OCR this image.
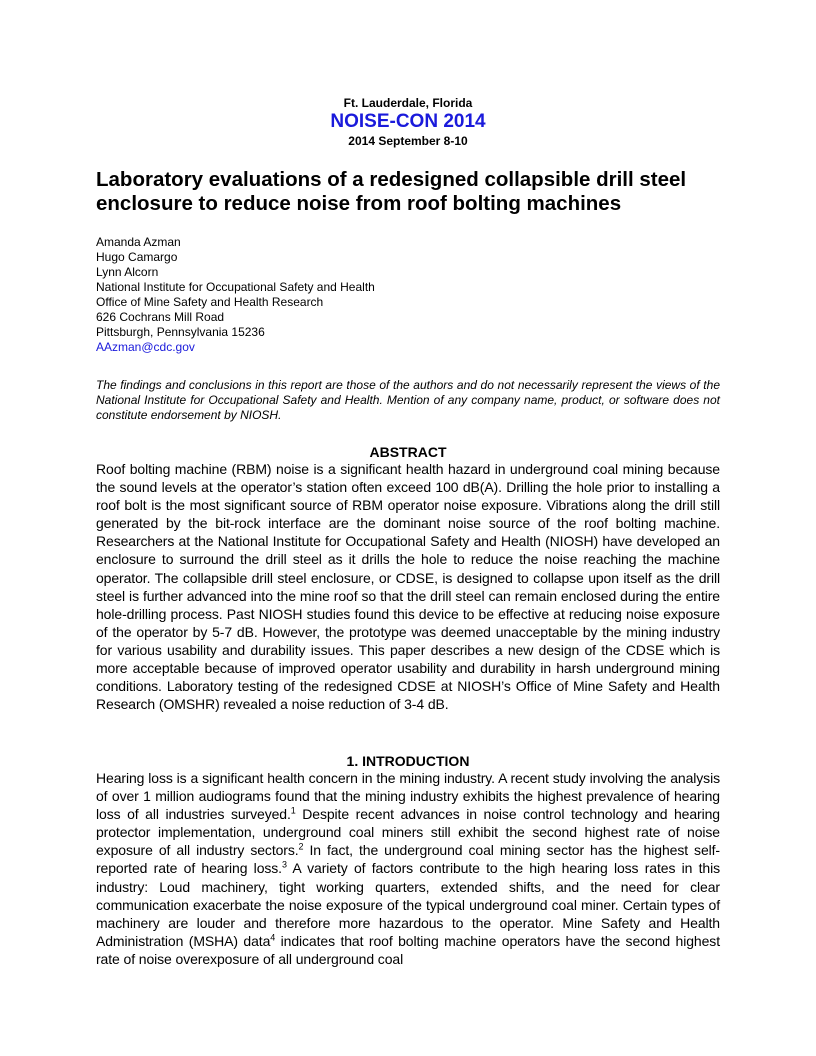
Ft. Lauderdale, Florida
NOISE-CON 2014
2014 September 8-10
Laboratory evaluations of a redesigned collapsible drill steel enclosure to reduce noise from roof bolting machines
Amanda Azman
Hugo Camargo
Lynn Alcorn
National Institute for Occupational Safety and Health
Office of Mine Safety and Health Research
626 Cochrans Mill Road
Pittsburgh, Pennsylvania 15236
AAzman@cdc.gov

The findings and conclusions in this report are those of the authors and do not necessarily represent the views of the National Institute for Occupational Safety and Health. Mention of any company name, product, or software does not constitute endorsement by NIOSH.

ABSTRACT

Roof bolting machine (RBM) noise is a significant health hazard in underground coal mining because the sound levels at the operator’s station often exceed 100 dB(A). Drilling the hole prior to installing a roof bolt is the most significant source of RBM operator noise exposure. Vibrations along the drill still generated by the bit-rock interface are the dominant noise source of the roof bolting machine. Researchers at the National Institute for Occupational Safety and Health (NIOSH) have developed an enclosure to surround the drill steel as it drills the hole to reduce the noise reaching the machine operator. The collapsible drill steel enclosure, or CDSE, is designed to collapse upon itself as the drill steel is further advanced into the mine roof so that the drill steel can remain enclosed during the entire hole-drilling process. Past NIOSH studies found this device to be effective at reducing noise exposure of the operator by 5-7 dB. However, the prototype was deemed unacceptable by the mining industry for various usability and durability issues. This paper describes a new design of the CDSE which is more acceptable because of improved operator usability and durability in harsh underground mining conditions. Laboratory testing of the redesigned CDSE at NIOSH’s Office of Mine Safety and Health Research (OMSHR) revealed a noise reduction of 3-4 dB.

1. INTRODUCTION

Hearing loss is a significant health concern in the mining industry. A recent study involving the analysis of over 1 million audiograms found that the mining industry exhibits the highest prevalence of hearing loss of all industries surveyed.$^1$ Despite recent advances in noise control technology and hearing protector implementation, underground coal miners still exhibit the second highest rate of noise exposure of all industry sectors.$^2$ In fact, the underground coal mining sector has the highest self-reported rate of hearing loss.$^3$ A variety of factors contribute to the high hearing loss rates in this industry: Loud machinery, tight working quarters, extended shifts, and the need for clear communication exacerbate the noise exposure of the typical underground coal miner. Certain types of machinery are louder and therefore more hazardous to the operator. Mine Safety and Health Administration (MSHA) data$^4$ indicates that roof bolting machine operators have the second highest rate of noise overexposure of all underground coal
